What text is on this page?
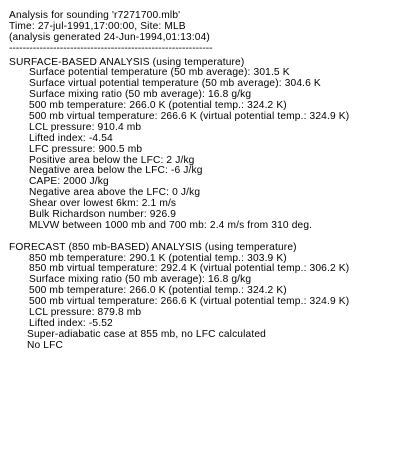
Analysis for sounding 'r7271700.mlb'
Time: 27-jul-1991,17:00:00, Site: MLB
(analysis generated 24-Jun-1994,01:13:04)
------------------------------------------------------------
SURFACE-BASED ANALYSIS (using temperature)
Surface potential temperature (50 mb average): 301.5 K
Surface virtual potential temperature (50 mb average): 304.6 K
Surface mixing ratio (50 mb average): 16.8 g/kg
500 mb temperature: 266.0 K (potential temp.: 324.2 K)
500 mb virtual temperature: 266.6 K (virtual potential temp.: 324.9 K)
LCL pressure: 910.4 mb
Lifted index: -4.54
LFC pressure: 900.5 mb
Positive area below the LFC: 2 J/kg
Negative area below the LFC: -6 J/kg
CAPE: 2000 J/kg
Negative area above the LFC: 0 J/kg
Shear over lowest 6km: 2.1 m/s
Bulk Richardson number: 926.9
MLVW between 1000 mb and 700 mb: 2.4 m/s from 310 deg.
FORECAST (850 mb-BASED) ANALYSIS (using temperature)
850 mb temperature: 290.1 K (potential temp.: 303.9 K)
850 mb virtual temperature: 292.4 K (virtual potential temp.: 306.2 K)
Surface mixing ratio (50 mb average): 16.8 g/kg
500 mb temperature: 266.0 K (potential temp.: 324.2 K)
500 mb virtual temperature: 266.6 K (virtual potential temp.: 324.9 K)
LCL pressure: 879.8 mb
Lifted index: -5.52
Super-adiabatic case at 855 mb, no LFC calculated
No LFC
